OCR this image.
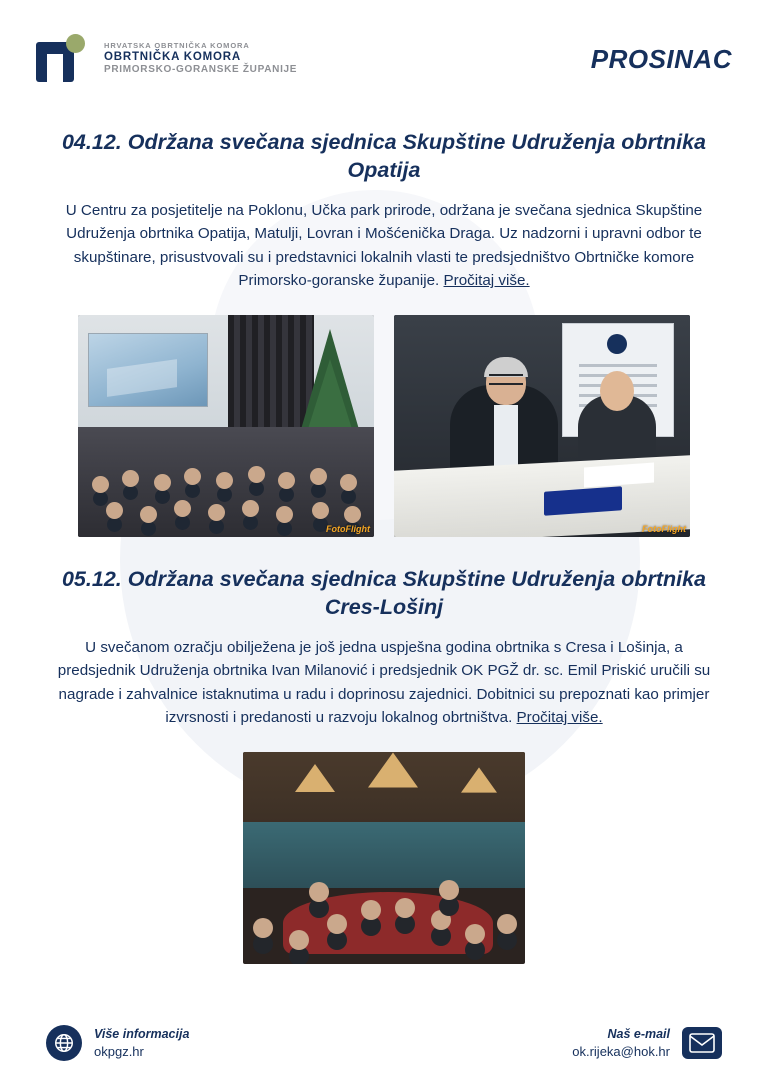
HRVATSKA OBRTNIČKA KOMORA
OBRTNIČKA KOMORA
PRIMORSKO-GORANSKE ŽUPANIJE	PROSINAC
04.12. Održana svečana sjednica Skupštine Udruženja obrtnika Opatija

U Centru za posjetitelje na Poklonu, Učka park prirode, održana je svečana sjednica Skupštine Udruženja obrtnika Opatija, Matulji, Lovran i Mošćenička Draga. Uz nadzorni i upravni odbor te skupštinare, prisustvovali su i predstavnici lokalnih vlasti te predsjedništvo Obrtničke komore Primorsko-goranske županije. Pročitaj više.

FotoFlight	FotoFlight
05.12. Održana svečana sjednica Skupštine Udruženja obrtnika Cres-Lošinj

U svečanom ozračju obilježena je još jedna uspješna godina obrtnika s Cresa i Lošinja, a predsjednik Udruženja obrtnika Ivan Milanović i predsjednik OK PGŽ dr. sc. Emil Priskić uručili su nagrade i zahvalnice istaknutima u radu i doprinosu zajednici. Dobitnici su prepoznati kao primjer izvrsnosti i predanosti u razvoju lokalnog obrtništva. Pročitaj više.

Više informacija
okpgz.hr
Naš e-mail
ok.rijeka@hok.hr
